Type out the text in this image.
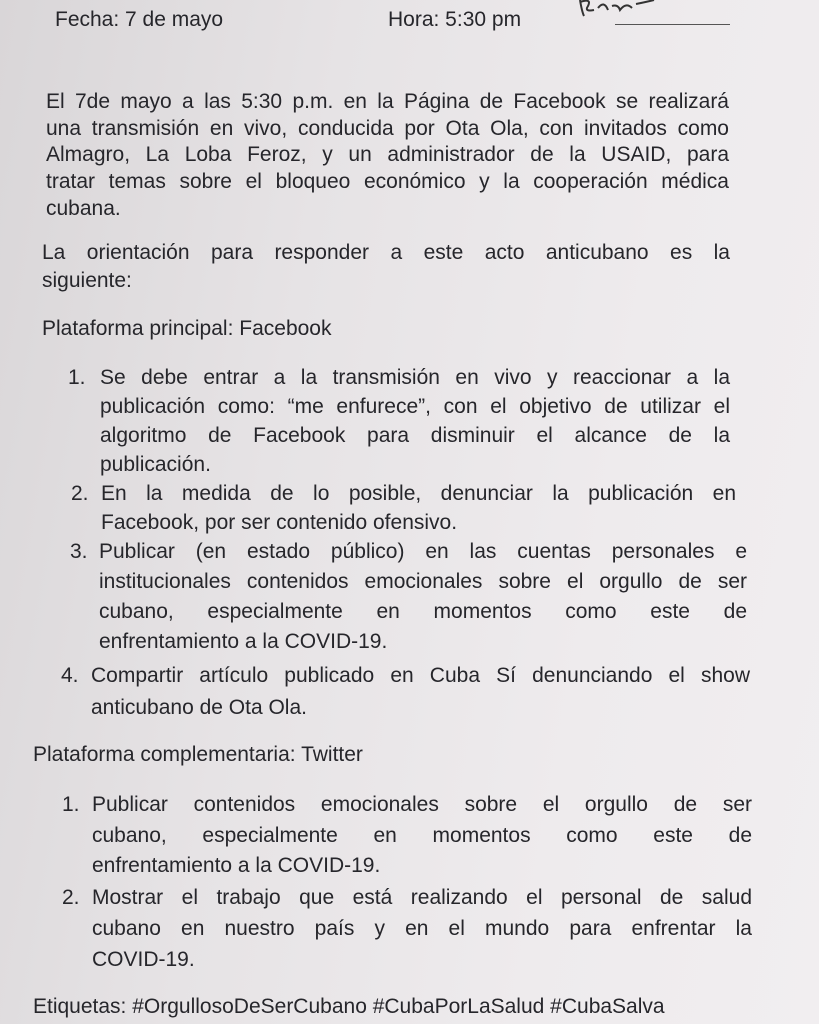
Fecha: 7 de mayo	Hora: 5:30 pm
El 7de mayo a las 5:30 p.m. en la Página de Facebook se realizará
una transmisión en vivo, conducida por Ota Ola, con invitados como
Almagro, La Loba Feroz, y un administrador de la USAID, para
tratar temas sobre el bloqueo económico y la cooperación médica
cubana.
La orientación para responder a este acto anticubano es la
siguiente:
Plataforma principal: Facebook
1. Se debe entrar a la transmisión en vivo y reaccionar a la
publicación como: “me enfurece”, con el objetivo de utilizar el
algoritmo de Facebook para disminuir el alcance de la
publicación.
2. En la medida de lo posible, denunciar la publicación en
Facebook, por ser contenido ofensivo.
3. Publicar (en estado público) en las cuentas personales e
institucionales contenidos emocionales sobre el orgullo de ser
cubano, especialmente en momentos como este de
enfrentamiento a la COVID-19.
4. Compartir artículo publicado en Cuba Sí denunciando el show
anticubano de Ota Ola.
Plataforma complementaria: Twitter
1. Publicar contenidos emocionales sobre el orgullo de ser
cubano, especialmente en momentos como este de
enfrentamiento a la COVID-19.
2. Mostrar el trabajo que está realizando el personal de salud
cubano en nuestro país y en el mundo para enfrentar la
COVID-19.
Etiquetas: #OrgullosoDeSerCubano #CubaPorLaSalud #CubaSalva
